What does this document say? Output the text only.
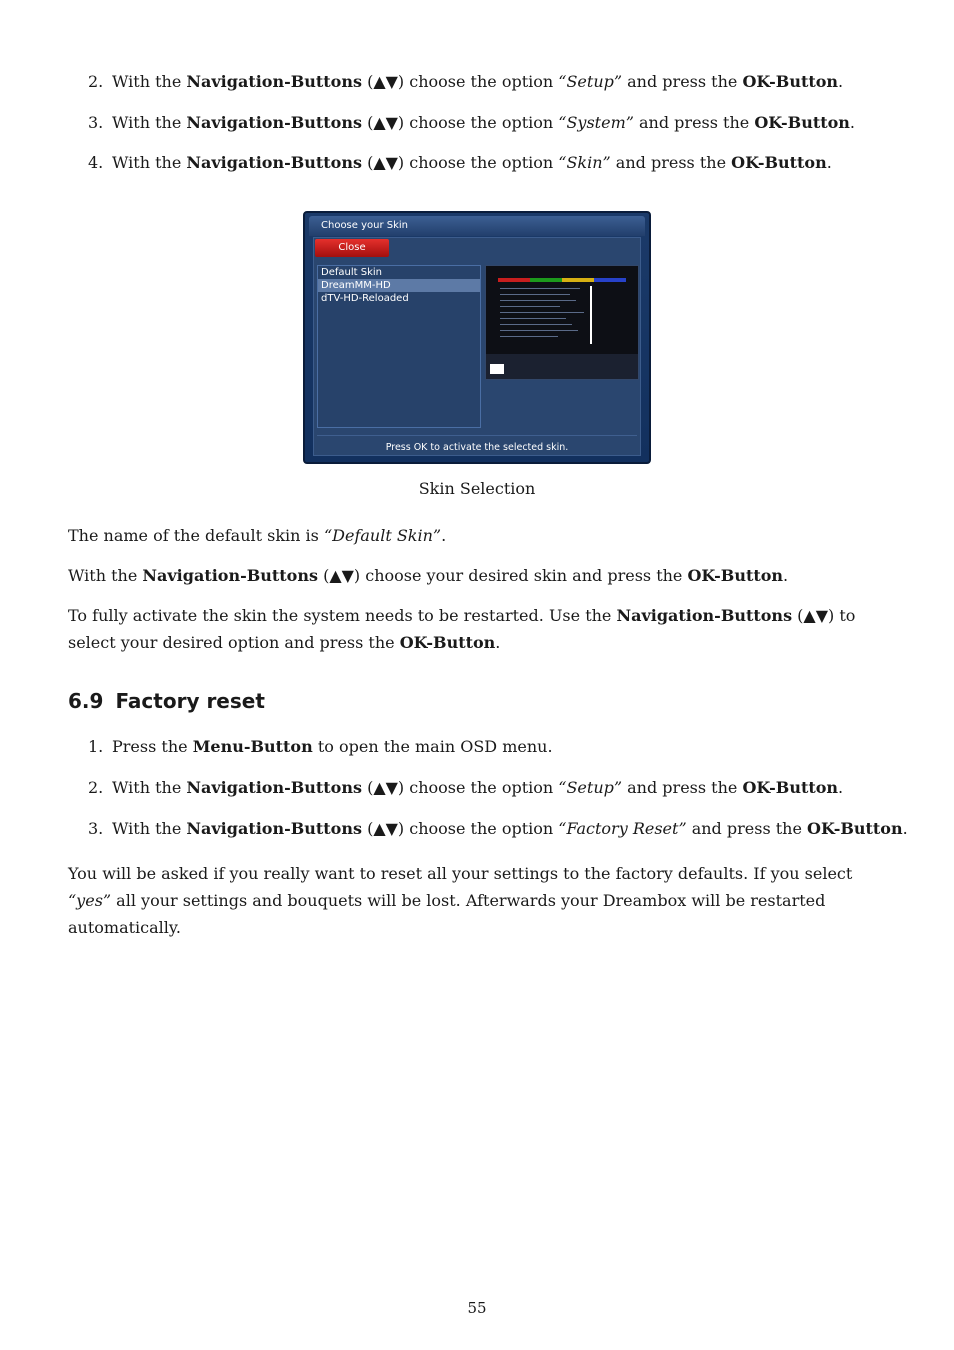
2. With the Navigation-Buttons (▲▼) choose the option “Setup” and press the OK-Button.
3. With the Navigation-Buttons (▲▼) choose the option “System” and press the OK-Button.
4. With the Navigation-Buttons (▲▼) choose the option “Skin” and press the OK-Button.
Choose your Skin
Close
Default Skin
DreamMM-HD
dTV-HD-Reloaded
Press OK to activate the selected skin.
Skin Selection
The name of the default skin is “Default Skin”.
With the Navigation-Buttons (▲▼) choose your desired skin and press the OK-Button.
To fully activate the skin the system needs to be restarted. Use the Navigation-Buttons (▲▼) to select your desired option and press the OK-Button.
6.9 Factory reset
1. Press the Menu-Button to open the main OSD menu.
2. With the Navigation-Buttons (▲▼) choose the option “Setup” and press the OK-Button.
3. With the Navigation-Buttons (▲▼) choose the option “Factory Reset” and press the OK-Button.
You will be asked if you really want to reset all your settings to the factory defaults. If you select “yes” all your settings and bouquets will be lost. Afterwards your Dreambox will be restarted automatically.
55
